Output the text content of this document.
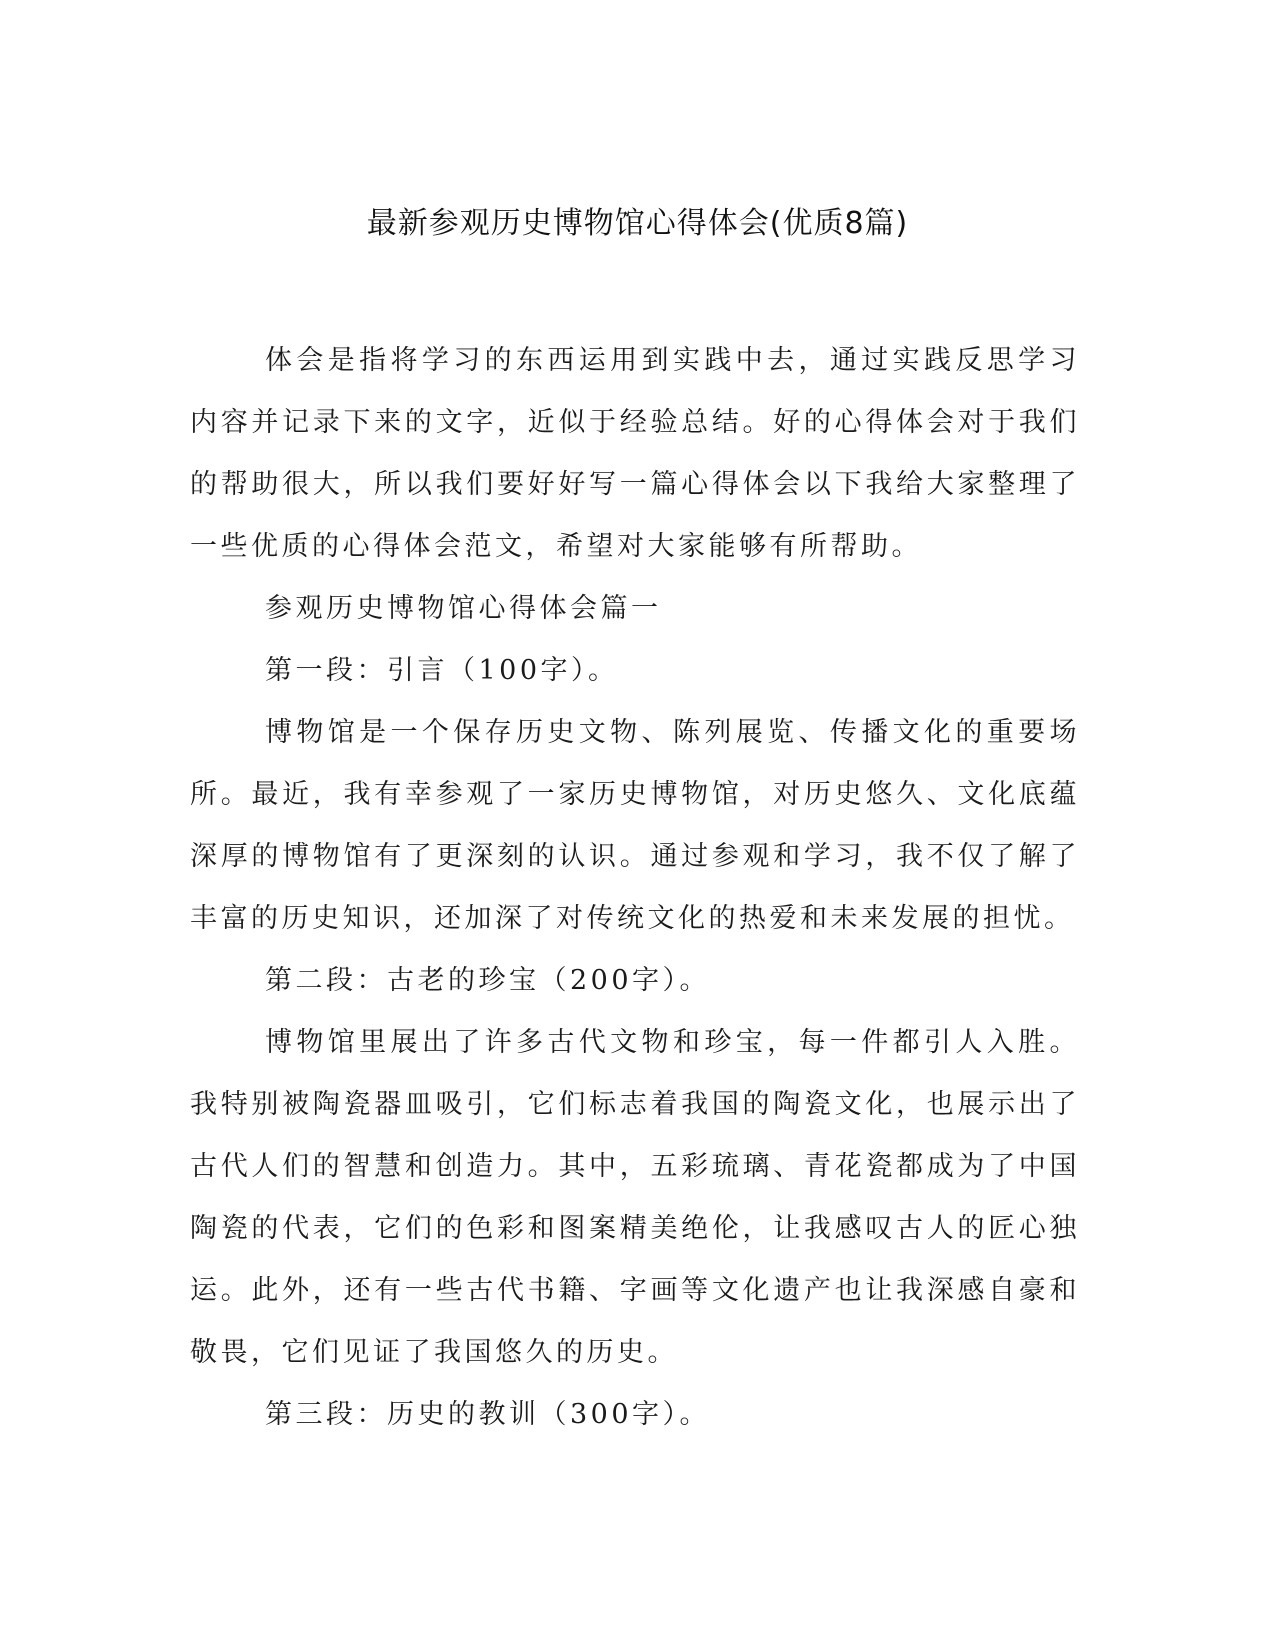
最新参观历史博物馆心得体会(优质8篇)

体会是指将学习的东西运用到实践中去，通过实践反思学习内容并记录下来的文字，近似于经验总结。好的心得体会对于我们的帮助很大，所以我们要好好写一篇心得体会以下我给大家整理了一些优质的心得体会范文，希望对大家能够有所帮助。

参观历史博物馆心得体会篇一

第一段：引言（100字）。

博物馆是一个保存历史文物、陈列展览、传播文化的重要场所。最近，我有幸参观了一家历史博物馆，对历史悠久、文化底蕴深厚的博物馆有了更深刻的认识。通过参观和学习，我不仅了解了丰富的历史知识，还加深了对传统文化的热爱和未来发展的担忧。

第二段：古老的珍宝（200字）。

博物馆里展出了许多古代文物和珍宝，每一件都引人入胜。我特别被陶瓷器皿吸引，它们标志着我国的陶瓷文化，也展示出了古代人们的智慧和创造力。其中，五彩琉璃、青花瓷都成为了中国陶瓷的代表，它们的色彩和图案精美绝伦，让我感叹古人的匠心独运。此外，还有一些古代书籍、字画等文化遗产也让我深感自豪和敬畏，它们见证了我国悠久的历史。

第三段：历史的教训（300字）。
